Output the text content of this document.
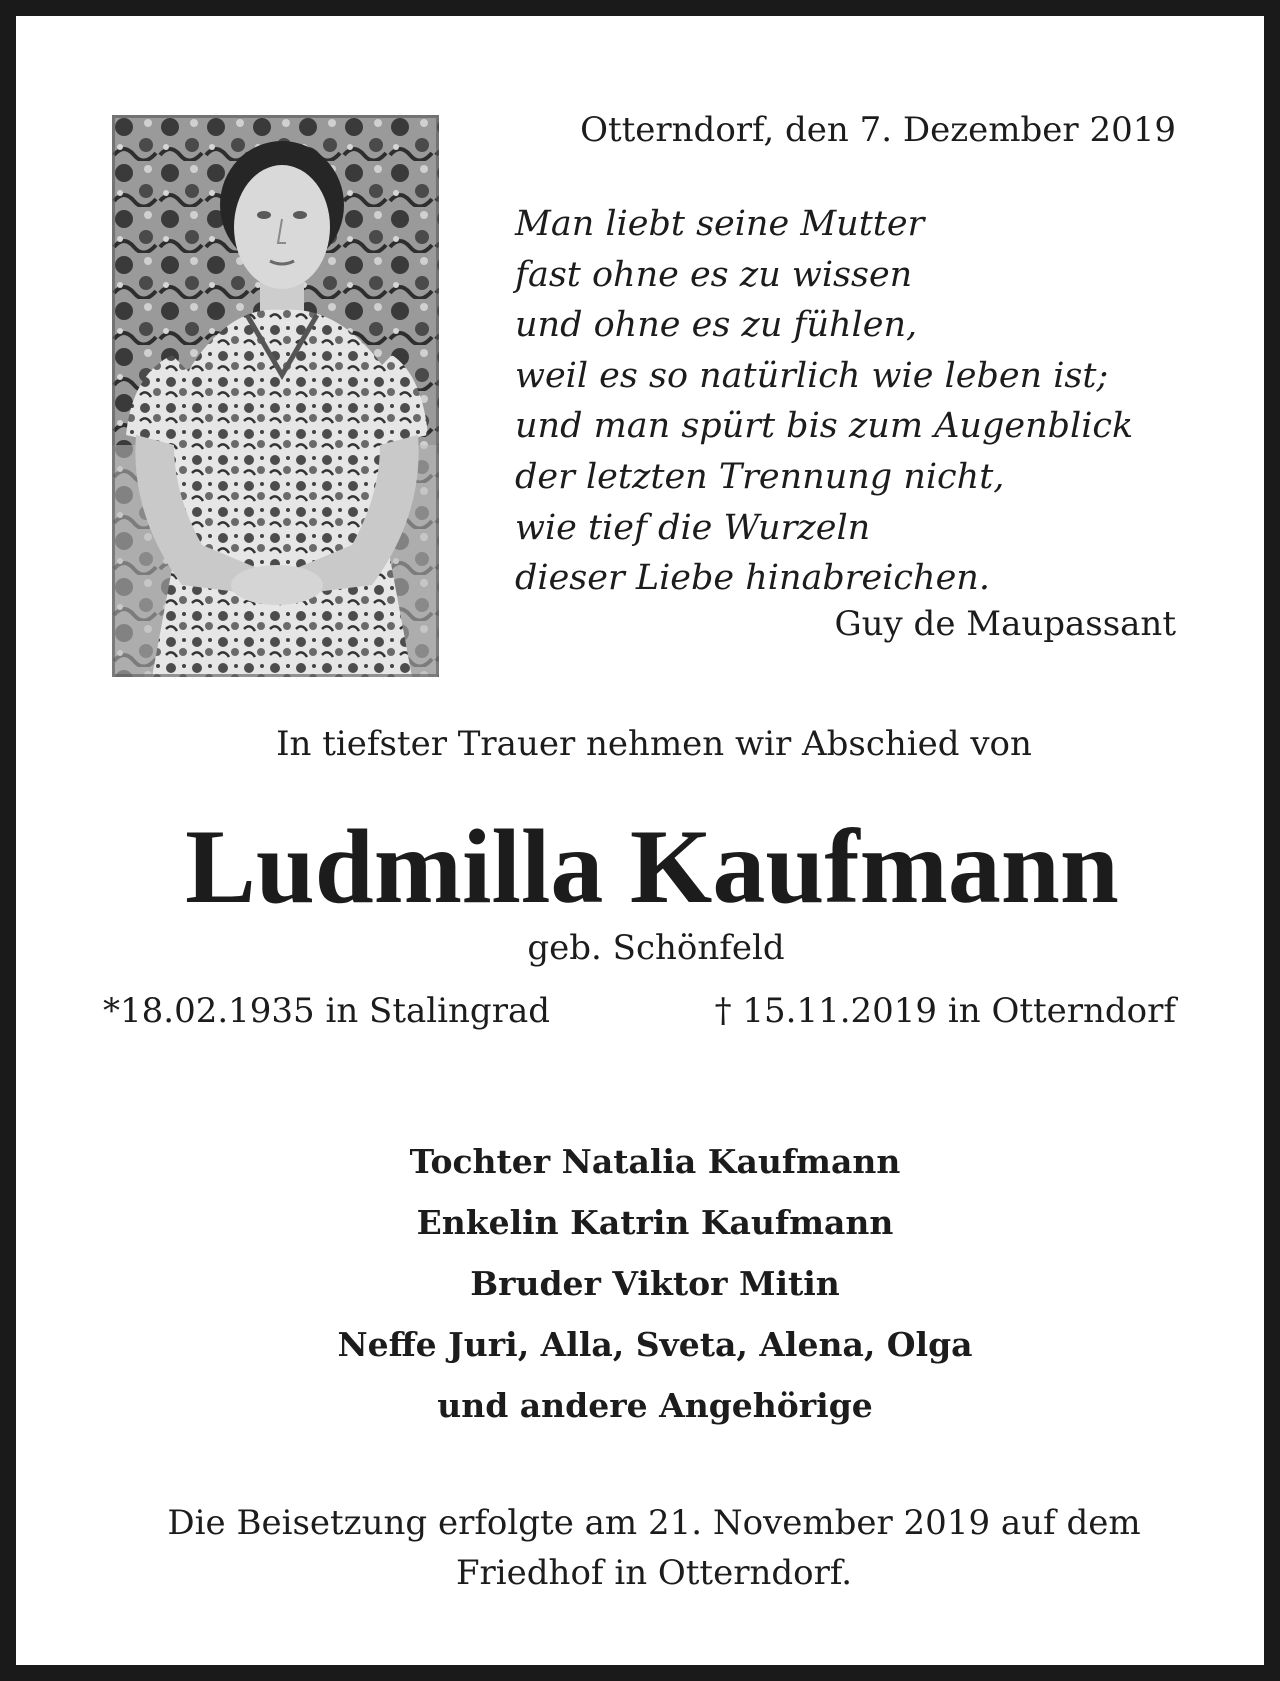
Otterndorf, den 7. Dezember 2019
Man liebt seine Mutter
fast ohne es zu wissen
und ohne es zu fühlen,
weil es so natürlich wie leben ist;
und man spürt bis zum Augenblick
der letzten Trennung nicht,
wie tief die Wurzeln
dieser Liebe hinabreichen.
Guy de Maupassant
In tiefster Trauer nehmen wir Abschied von
Ludmilla Kaufmann
geb. Schönfeld
*18.02.1935 in Stalingrad	† 15.11.2019 in Otterndorf
Tochter Natalia Kaufmann
Enkelin Katrin Kaufmann
Bruder Viktor Mitin
Neffe Juri, Alla, Sveta, Alena, Olga
und andere Angehörige
Die Beisetzung erfolgte am 21. November 2019 auf dem
Friedhof in Otterndorf.
